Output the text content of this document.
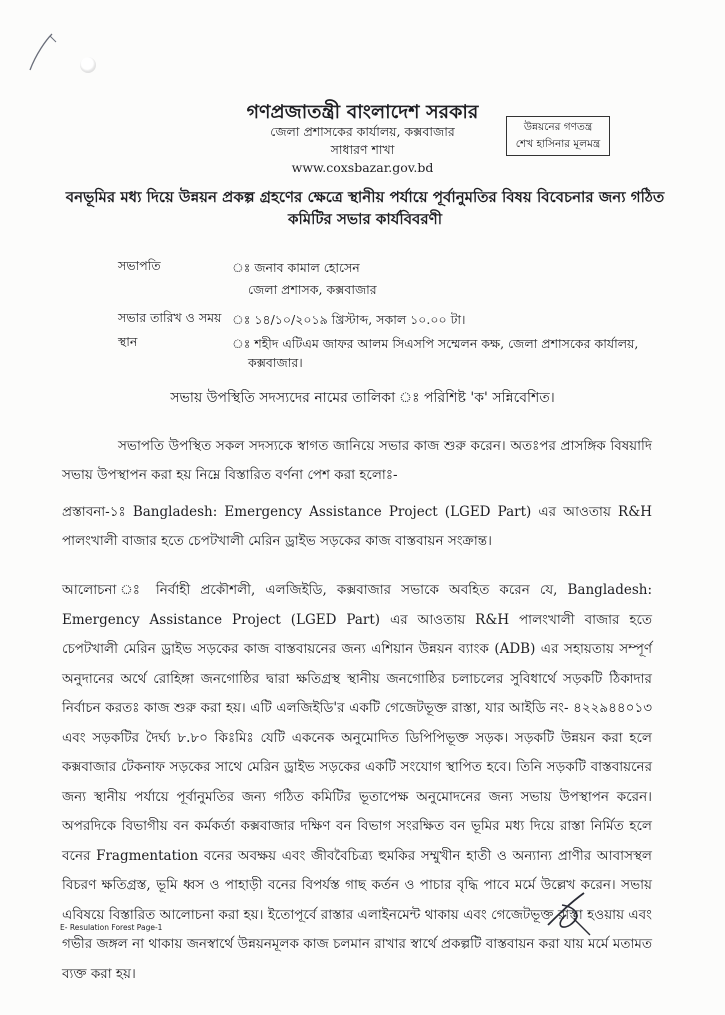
গণপ্রজাতন্ত্রী বাংলাদেশ সরকার
জেলা প্রশাসকের কার্যালয়, কক্সবাজার
সাধারণ শাখা
www.coxsbazar.gov.bd
উন্নয়নের গণতন্ত্র
শেখ হাসিনার মূলমন্ত্র
বনভূমির মধ্য দিয়ে উন্নয়ন প্রকল্প গ্রহণের ক্ষেত্রে স্থানীয় পর্যায়ে পূর্বানুমতির বিষয় বিবেচনার জন্য গঠিত কমিটির সভার কার্যবিবরণী
সভাপতি	ঃ জনাব কামাল হোসেন
জেলা প্রশাসক, কক্সবাজার
সভার তারিখ ও সময় ঃ ১৪/১০/২০১৯ খ্রিস্টাব্দ, সকাল ১০.০০ টা।
স্থান	ঃ শহীদ এটিএম জাফর আলম সিএসপি সম্মেলন কক্ষ, জেলা প্রশাসকের কার্যালয়,
কক্সবাজার।
সভায় উপস্থিতি সদস্যদের নামের তালিকা ঃ পরিশিষ্ট 'ক' সন্নিবেশিত।
সভাপতি উপস্থিত সকল সদস্যকে স্বাগত জানিয়ে সভার কাজ শুরু করেন। অতঃপর প্রাসঙ্গিক বিষয়াদি সভায় উপস্থাপন করা হয় নিম্নে বিস্তারিত বর্ণনা পেশ করা হলোঃ-
প্রস্তাবনা-১ঃ Bangladesh: Emergency Assistance Project (LGED Part) এর আওতায় R&H পালংখালী বাজার হতে চেপটখালী মেরিন ড্রাইভ সড়কের কাজ বাস্তবায়ন সংক্রান্ত।
আলোচনা ঃ নির্বাহী প্রকৌশলী, এলজিইডি, কক্সবাজার সভাকে অবহিত করেন যে, Bangladesh: Emergency Assistance Project (LGED Part) এর আওতায় R&H পালংখালী বাজার হতে চেপটখালী মেরিন ড্রাইভ সড়কের কাজ বাস্তবায়নের জন্য এশিয়ান উন্নয়ন ব্যাংক (ADB) এর সহায়তায় সম্পূর্ণ অনুদানের অর্থে রোহিঙ্গা জনগোষ্ঠির দ্বারা ক্ষতিগ্রস্থ স্থানীয় জনগোষ্ঠির চলাচলের সুবিধার্থে সড়কটি ঠিকাদার নির্বাচন করতঃ কাজ শুরু করা হয়। এটি এলজিইডি'র একটি গেজেটভূক্ত রাস্তা, যার আইডি নং- ৪২২৯৪৪০১৩ এবং সড়কটির দৈর্ঘ্য ৮.৮০ কিঃমিঃ যেটি একনেক অনুমোদিত ডিপিপিভূক্ত সড়ক। সড়কটি উন্নয়ন করা হলে কক্সবাজার টেকনাফ সড়কের সাথে মেরিন ড্রাইভ সড়কের একটি সংযোগ স্থাপিত হবে। তিনি সড়কটি বাস্তবায়নের জন্য স্থানীয় পর্যায়ে পূর্বানুমতির জন্য গঠিত কমিটির ভূতাপেক্ষ অনুমোদনের জন্য সভায় উপস্থাপন করেন। অপরদিকে বিভাগীয় বন কর্মকর্তা কক্সবাজার দক্ষিণ বন বিভাগ সংরক্ষিত বন ভূমির মধ্য দিয়ে রাস্তা নির্মিত হলে বনের Fragmentation বনের অবক্ষয় এবং জীববৈচিত্র্য হুমকির সম্মুখীন হাতী ও অন্যান্য প্রাণীর আবাসস্থল বিচরণ ক্ষতিগ্রস্ত, ভূমি ধ্বস ও পাহাড়ী বনের বিপর্যস্ত গাছ কর্তন ও পাচার বৃদ্ধি পাবে মর্মে উল্লেখ করেন। সভায় এবিষয়ে বিস্তারিত আলোচনা করা হয়। ইতোপূর্বে রাস্তার এলাইনমেন্ট থাকায় এবং গেজেটভূক্ত রাস্তা হওয়ায় এবং গভীর জঙ্গল না থাকায় জনস্বার্থে উন্নয়নমূলক কাজ চলমান রাখার স্বার্থে প্রকল্পটি বাস্তবায়ন করা যায় মর্মে মতামত ব্যক্ত করা হয়।
E- Resulation Forest Page-1
